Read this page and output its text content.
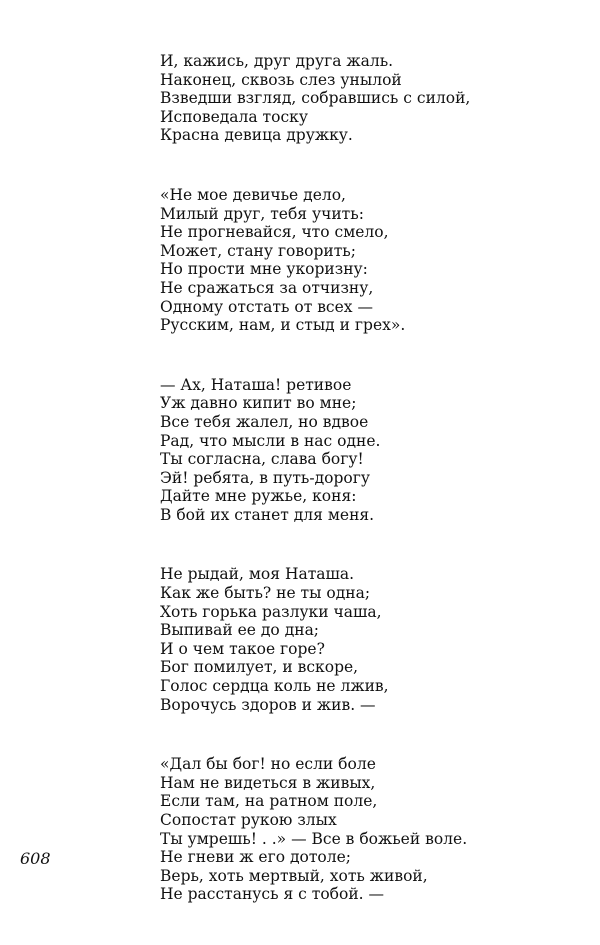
И, кажись, друг друга жаль.
Наконец, сквозь слез унылой
Взведши взгляд, собравшись с силой,
Исповедала тоску
Красна девица дружку.
«Не мое девичье дело,
Милый друг, тебя учить:
Не прогневайся, что смело,
Может, стану говорить;
Но прости мне укоризну:
Не сражаться за отчизну,
Одному отстать от всех —
Русским, нам, и стыд и грех».
— Ах, Наташа! ретивое
Уж давно кипит во мне;
Все тебя жалел, но вдвое
Рад, что мысли в нас одне.
Ты согласна, слава богу!
Эй! ребята, в путь-дорогу
Дайте мне ружье, коня:
В бой их станет для меня.
Не рыдай, моя Наташа.
Как же быть? не ты одна;
Хоть горька разлуки чаша,
Выпивай ее до дна;
И о чем такое горе?
Бог помилует, и вскоре,
Голос сердца коль не лжив,
Ворочусь здоров и жив. —
«Дал бы бог! но если боле
Нам не видеться в живых,
Если там, на ратном поле,
Сопостат рукою злых
Ты умрешь! . .» — Все в божьей воле.
Не гневи ж его дотоле;
Верь, хоть мертвый, хоть живой,
Не расстанусь я с тобой. —
608
